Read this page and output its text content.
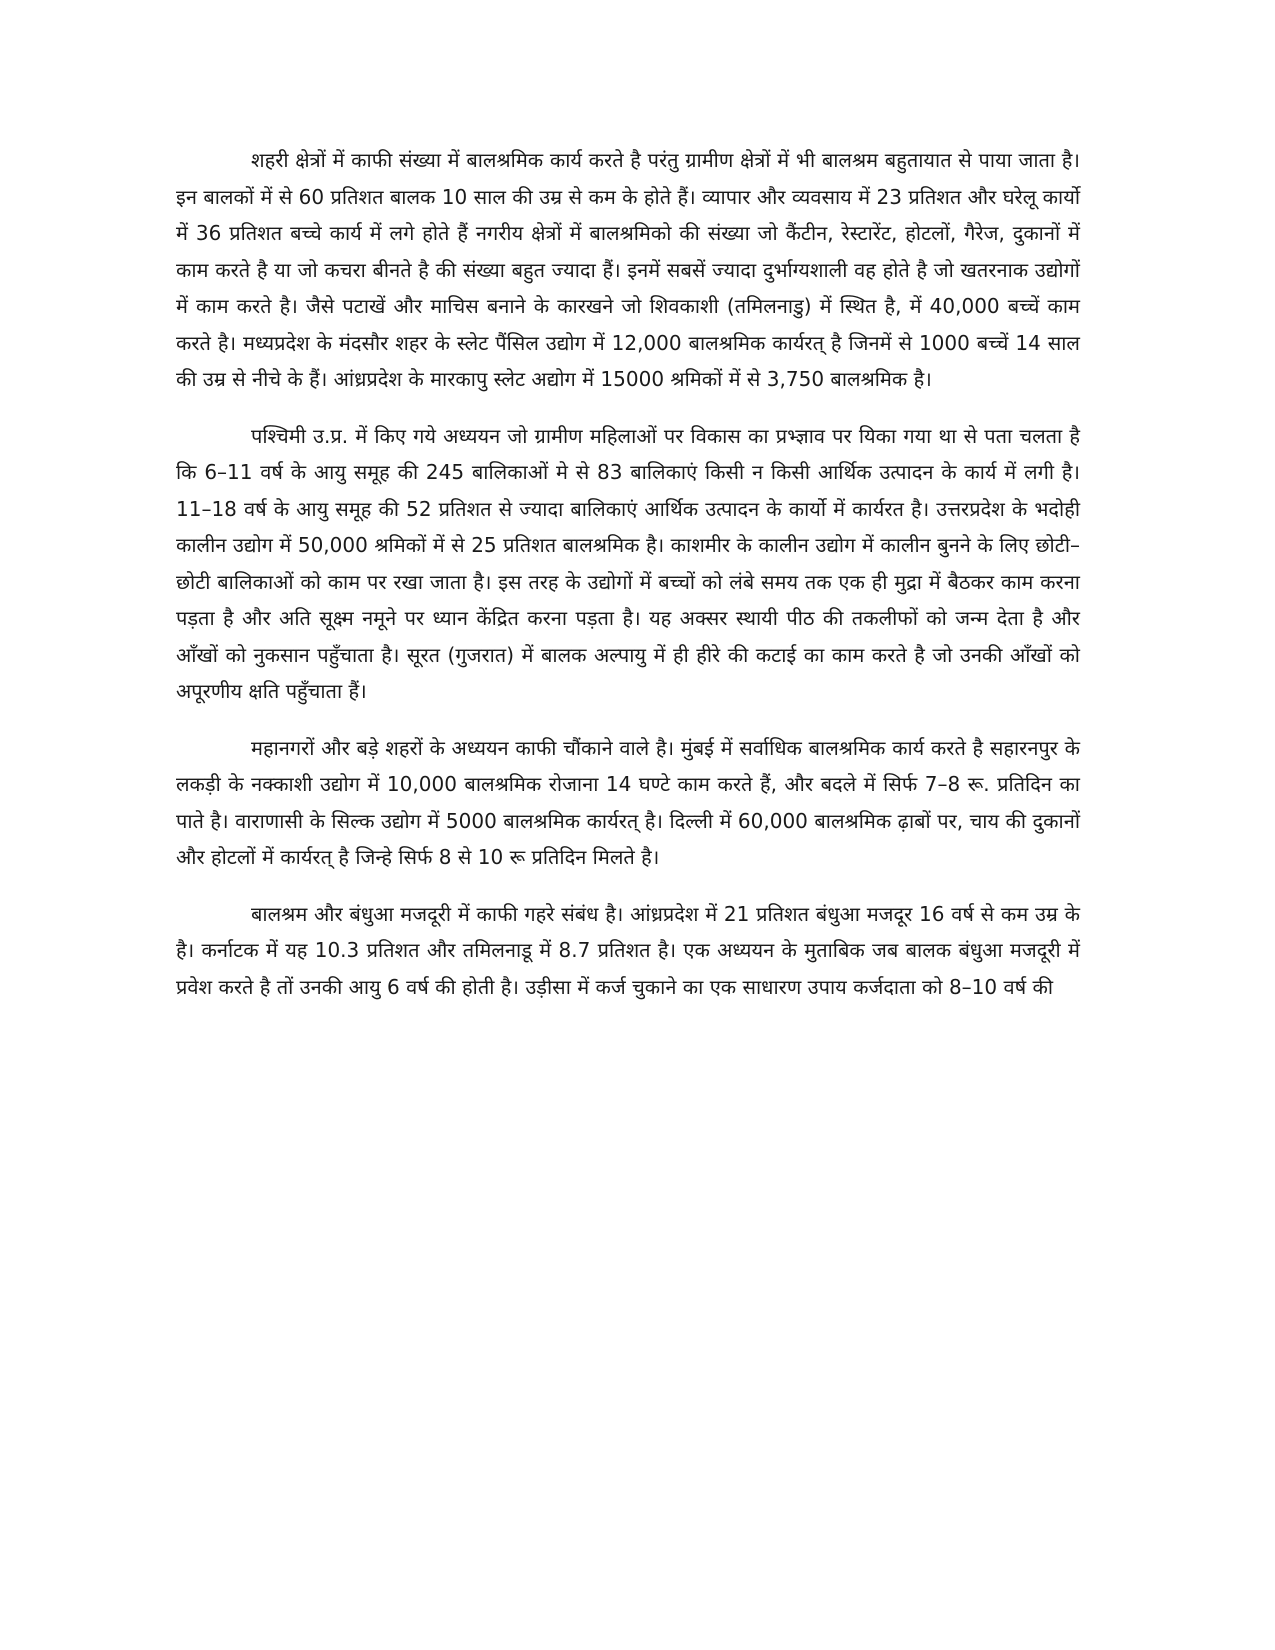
शहरी क्षेत्रों में काफी संख्या में बालश्रमिक कार्य करते है परंतु ग्रामीण क्षेत्रों में भी बालश्रम बहुतायात से पाया जाता है। इन बालकों में से 60 प्रतिशत बालक 10 साल की उम्र से कम के होते हैं। व्यापार और व्यवसाय में 23 प्रतिशत और घरेलू कार्यो में 36 प्रतिशत बच्चे कार्य में लगे होते हैं नगरीय क्षेत्रों में बालश्रमिको की संख्या जो कैंटीन, रेस्टारेंट, होटलों, गैरेज, दुकानों में काम करते है या जो कचरा बीनते है की संख्या बहुत ज्यादा हैं। इनमें सबसें ज्यादा दुर्भाग्यशाली वह होते है जो खतरनाक उद्योगों में काम करते है। जैसे पटाखें और माचिस बनाने के कारखने जो शिवकाशी (तमिलनाडु) में स्थित है, में 40,000 बच्चें काम करते है। मध्यप्रदेश के मंदसौर शहर के स्लेट पैंसिल उद्योग में 12,000 बालश्रमिक कार्यरत् है जिनमें से 1000 बच्चें 14 साल की उम्र से नीचे के हैं। आंध्रप्रदेश के मारकापु स्लेट अद्योग में 15000 श्रमिकों में से 3,750 बालश्रमिक है।

पश्चिमी उ.प्र. में किए गये अध्ययन जो ग्रामीण महिलाओं पर विकास का प्रभ्ज्ञाव पर यिका गया था से पता चलता है कि 6–11 वर्ष के आयु समूह की 245 बालिकाओं मे से 83 बालिकाएं किसी न किसी आर्थिक उत्पादन के कार्य में लगी है। 11–18 वर्ष के आयु समूह की 52 प्रतिशत से ज्यादा बालिकाएं आर्थिक उत्पादन के कार्यो में कार्यरत है। उत्तरप्रदेश के भदोही कालीन उद्योग में 50,000 श्रमिकों में से 25 प्रतिशत बालश्रमिक है। काशमीर के कालीन उद्योग में कालीन बुनने के लिए छोटी–छोटी बालिकाओं को काम पर रखा जाता है। इस तरह के उद्योगों में बच्चों को लंबे समय तक एक ही मुद्रा में बैठकर काम करना पड़ता है और अति सूक्ष्म नमूने पर ध्यान केंद्रित करना पड़ता है। यह अक्सर स्थायी पीठ की तकलीफों को जन्म देता है और आँखों को नुकसान पहुँचाता है। सूरत (गुजरात) में बालक अल्पायु में ही हीरे की कटाई का काम करते है जो उनकी आँखों को अपूरणीय क्षति पहुँचाता हैं।

महानगरों और बड़े शहरों के अध्ययन काफी चौंकाने वाले है। मुंबई में सर्वाधिक बालश्रमिक कार्य करते है सहारनपुर के लकड़ी के नक्काशी उद्योग में 10,000 बालश्रमिक रोजाना 14 घण्टे काम करते हैं, और बदले में सिर्फ 7–8 रू. प्रतिदिन का पाते है। वाराणासी के सिल्क उद्योग में 5000 बालश्रमिक कार्यरत् है। दिल्ली में 60,000 बालश्रमिक ढ़ाबों पर, चाय की दुकानों और होटलों में कार्यरत् है जिन्हे सिर्फ 8 से 10 रू प्रतिदिन मिलते है।

बालश्रम और बंधुआ मजदूरी में काफी गहरे संबंध है। आंध्रप्रदेश में 21 प्रतिशत बंधुआ मजदूर 16 वर्ष से कम उम्र के है। कर्नाटक में यह 10.3 प्रतिशत और तमिलनाडू में 8.7 प्रतिशत है। एक अध्ययन के मुताबिक जब बालक बंधुआ मजदूरी में प्रवेश करते है तों उनकी आयु 6 वर्ष की होती है। उड़ीसा में कर्ज चुकाने का एक साधारण उपाय कर्जदाता को 8–10 वर्ष की
